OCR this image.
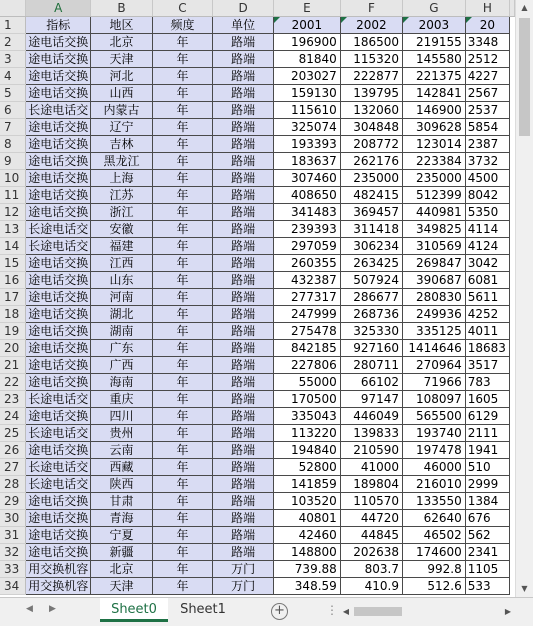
	A	B	C	D	E	F	G	H	
1	指标	地区	频度	单位	2001	2002	2003	20	
2	途电话交换	北京	年	路端	196900	186500	219155	3348	
3	途电话交换	天津	年	路端	81840	115320	145580	2512	
4	途电话交换	河北	年	路端	203027	222877	221375	4227	
5	途电话交换	山西	年	路端	159130	139795	142841	2567	
6	长途电话交	内蒙古	年	路端	115610	132060	146900	2537	
7	途电话交换	辽宁	年	路端	325074	304848	309628	5854	
8	途电话交换	吉林	年	路端	193393	208772	123014	2387	
9	途电话交换	黑龙江	年	路端	183637	262176	223384	3732	
10	途电话交换	上海	年	路端	307460	235000	235000	4500	
11	途电话交换	江苏	年	路端	408650	482415	512399	8042	
12	途电话交换	浙江	年	路端	341483	369457	440981	5350	
13	长途电话交	安徽	年	路端	239393	311418	349825	4114	
14	长途电话交	福建	年	路端	297059	306234	310569	4124	
15	途电话交换	江西	年	路端	260355	263425	269847	3042	
16	途电话交换	山东	年	路端	432387	507924	390687	6081	
17	途电话交换	河南	年	路端	277317	286677	280830	5611	
18	途电话交换	湖北	年	路端	247999	268736	249936	4252	
19	途电话交换	湖南	年	路端	275478	325330	335125	4011	
20	途电话交换	广东	年	路端	842185	927160	1414646	18683	
21	途电话交换	广西	年	路端	227806	280711	270964	3517	
22	途电话交换	海南	年	路端	55000	66102	71966	783	
23	长途电话交	重庆	年	路端	170500	97147	108097	1605	
24	途电话交换	四川	年	路端	335043	446049	565500	6129	
25	长途电话交	贵州	年	路端	113220	139833	193740	2111	
26	途电话交换	云南	年	路端	194840	210590	197478	1941	
27	长途电话交	西藏	年	路端	52800	41000	46000	510	
28	长途电话交	陕西	年	路端	141859	189804	216010	2999	
29	途电话交换	甘肃	年	路端	103520	110570	133550	1384	
30	途电话交换	青海	年	路端	40801	44720	62640	676	
31	途电话交换	宁夏	年	路端	42460	44845	46502	562	
32	途电话交换	新疆	年	路端	148800	202638	174600	2341	
33	用交换机容	北京	年	万门	739.88	803.7	992.8	1105	
34	用交换机容	天津	年	万门	348.59	410.9	512.6	533	
▲
▼
◀ ▶	Sheet0	Sheet1	+	⋮ ◀	▶
